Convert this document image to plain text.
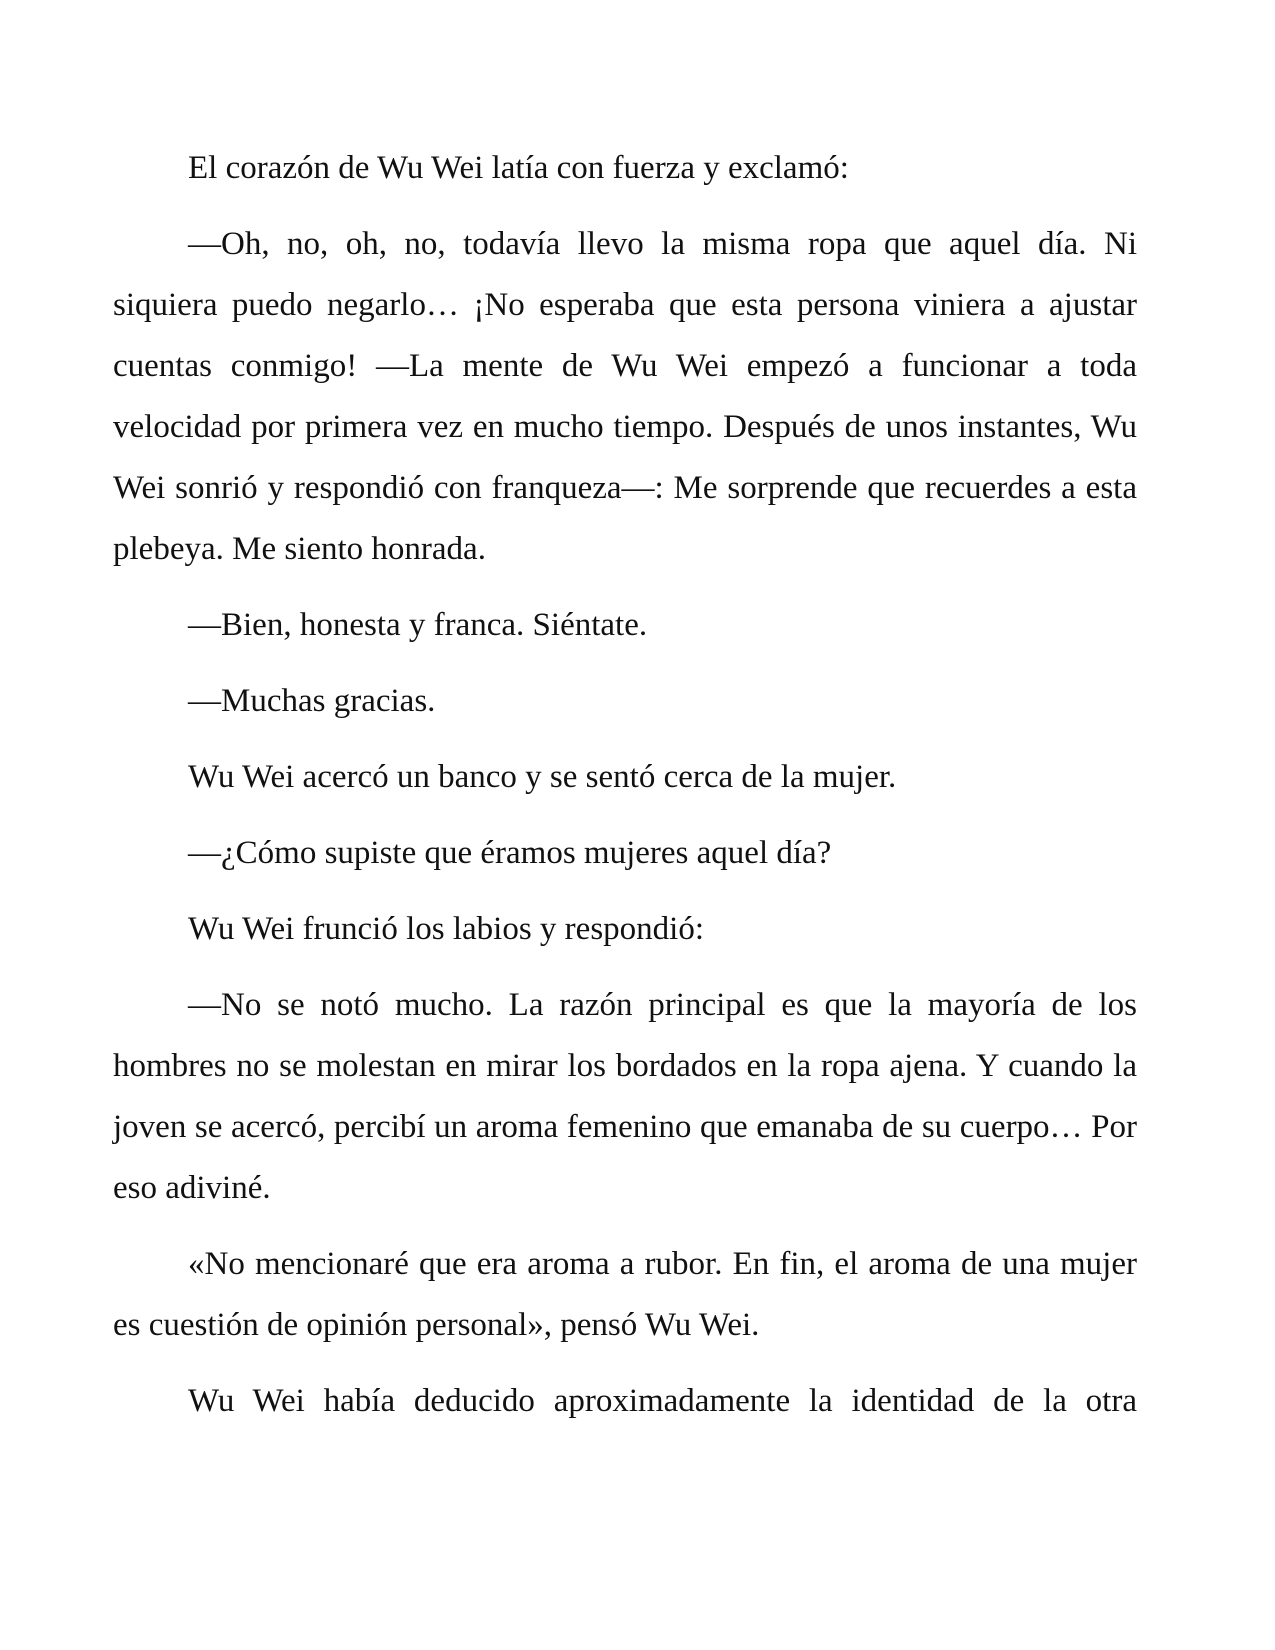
El corazón de Wu Wei latía con fuerza y exclamó:

—Oh, no, oh, no, todavía llevo la misma ropa que aquel día. Ni siquiera puedo negarlo… ¡No esperaba que esta persona viniera a ajustar cuentas conmigo! —La mente de Wu Wei empezó a funcionar a toda velocidad por primera vez en mucho tiempo. Después de unos instantes, Wu Wei sonrió y respondió con franqueza—: Me sorprende que recuerdes a esta plebeya. Me siento honrada.

—Bien, honesta y franca. Siéntate.

—Muchas gracias.

Wu Wei acercó un banco y se sentó cerca de la mujer.

—¿Cómo supiste que éramos mujeres aquel día?

Wu Wei frunció los labios y respondió:

—No se notó mucho. La razón principal es que la mayoría de los hombres no se molestan en mirar los bordados en la ropa ajena. Y cuando la joven se acercó, percibí un aroma femenino que emanaba de su cuerpo… Por eso adiviné.

«No mencionaré que era aroma a rubor. En fin, el aroma de una mujer es cuestión de opinión personal», pensó Wu Wei.

Wu Wei había deducido aproximadamente la identidad de la otra
